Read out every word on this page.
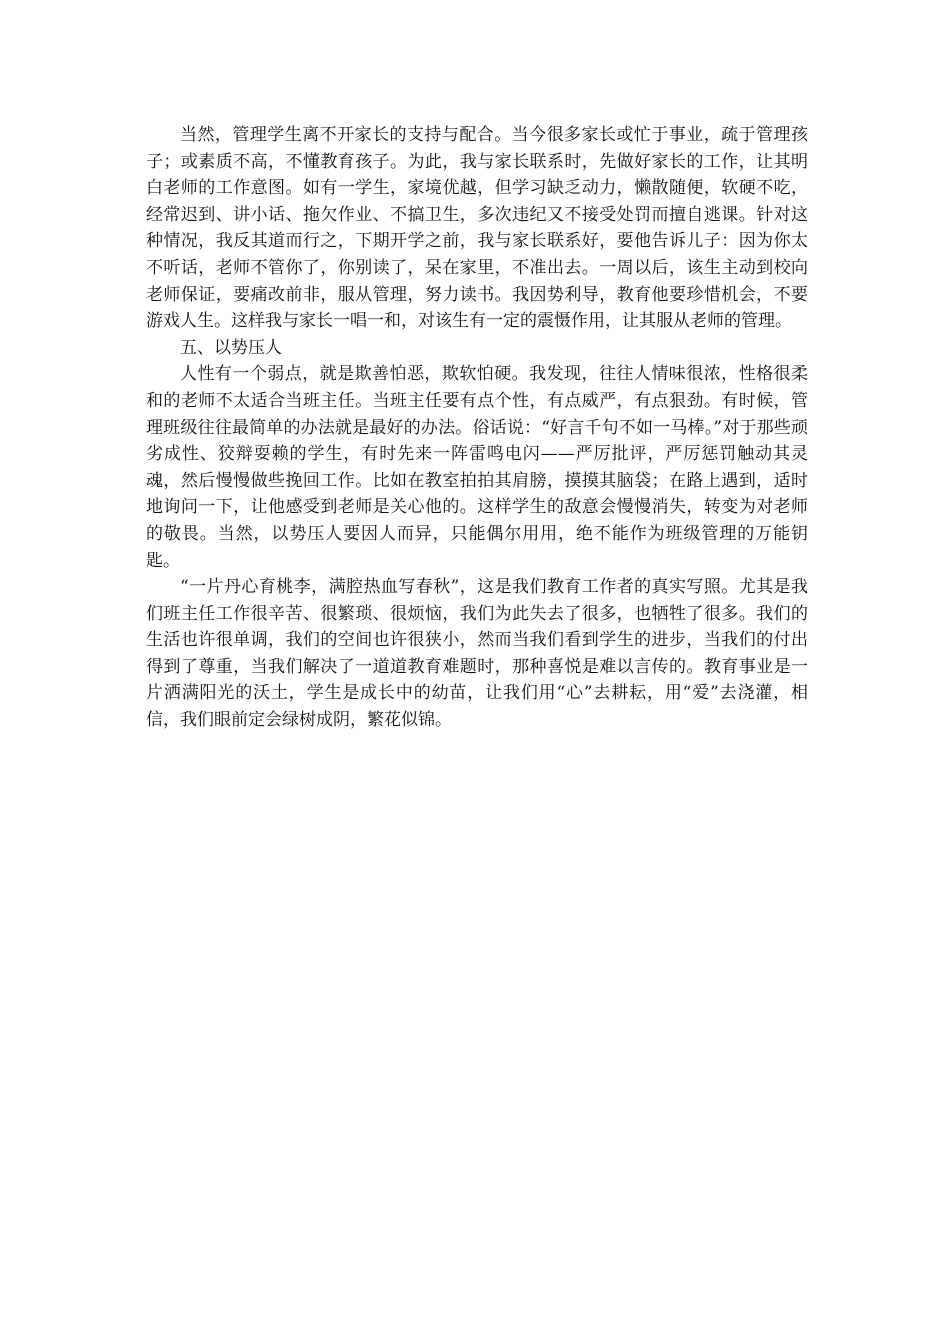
当然，管理学生离不开家长的支持与配合。当今很多家长或忙于事业，疏于管理孩子；或素质不高，不懂教育孩子。为此，我与家长联系时，先做好家长的工作，让其明白老师的工作意图。如有一学生，家境优越，但学习缺乏动力，懒散随便，软硬不吃，经常迟到、讲小话、拖欠作业、不搞卫生，多次违纪又不接受处罚而擅自逃课。针对这种情况，我反其道而行之，下期开学之前，我与家长联系好，要他告诉儿子：因为你太不听话，老师不管你了，你别读了，呆在家里，不准出去。一周以后，该生主动到校向老师保证，要痛改前非，服从管理，努力读书。我因势利导，教育他要珍惜机会，不要游戏人生。这样我与家长一唱一和，对该生有一定的震慑作用，让其服从老师的管理。

五、以势压人

人性有一个弱点，就是欺善怕恶，欺软怕硬。我发现，往往人情味很浓，性格很柔和的老师不太适合当班主任。当班主任要有点个性，有点威严，有点狠劲。有时候，管理班级往往最简单的办法就是最好的办法。俗话说：“好言千句不如一马棒。”对于那些顽劣成性、狡辩耍赖的学生，有时先来一阵雷鸣电闪——严厉批评，严厉惩罚触动其灵魂，然后慢慢做些挽回工作。比如在教室拍拍其肩膀，摸摸其脑袋；在路上遇到，适时地询问一下，让他感受到老师是关心他的。这样学生的敌意会慢慢消失，转变为对老师的敬畏。当然，以势压人要因人而异，只能偶尔用用，绝不能作为班级管理的万能钥匙。

“一片丹心育桃李，满腔热血写春秋”，这是我们教育工作者的真实写照。尤其是我们班主任工作很辛苦、很繁琐、很烦恼，我们为此失去了很多，也牺牲了很多。我们的生活也许很单调，我们的空间也许很狭小，然而当我们看到学生的进步，当我们的付出得到了尊重，当我们解决了一道道教育难题时，那种喜悦是难以言传的。教育事业是一片洒满阳光的沃土，学生是成长中的幼苗，让我们用“心”去耕耘，用“爱”去浇灌，相信，我们眼前定会绿树成阴，繁花似锦。
